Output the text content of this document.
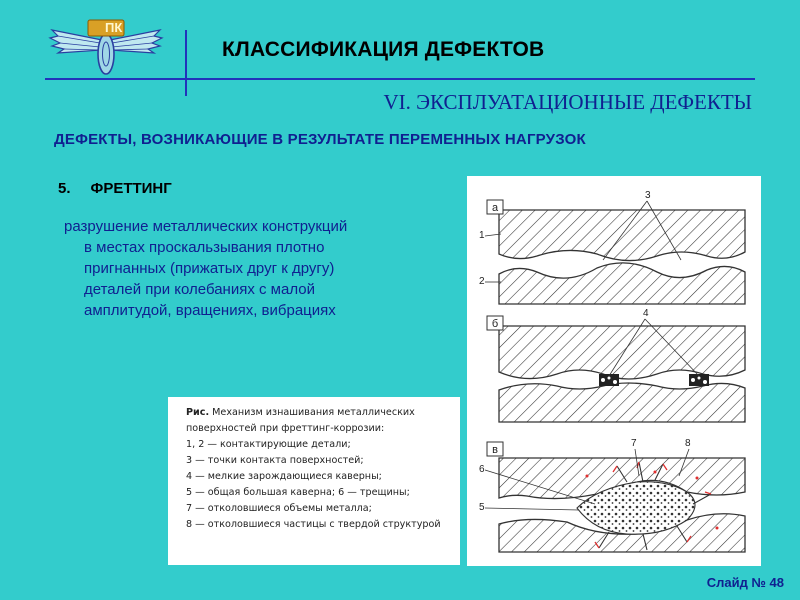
ПК
КЛАССИФИКАЦИЯ ДЕФЕКТОВ
VI. ЭКСПЛУАТАЦИОННЫЕ ДЕФЕКТЫ
ДЕФЕКТЫ, ВОЗНИКАЮЩИЕ В РЕЗУЛЬТАТЕ ПЕРЕМЕННЫХ НАГРУЗОК
5. ФРЕТТИНГ
разрушение металлических конструкций
в местах проскальзывания плотно
пригнанных (прижатых друг к другу)
деталей при колебаниях с малой
амплитудой, вращениях, вибрациях
Рис. Механизм изнашивания металлических
поверхностей при фреттинг-коррозии:
1, 2 — контактирующие детали;
3 — точки контакта поверхностей;
4 — мелкие зарождающиеся каверны;
5 — общая большая каверна; 6 — трещины;
7 — отколовшиеся объемы металла;
8 — отколовшиеся частицы с твердой структурой
а
1
2
3
б
4
в
6
5
7	8
Слайд № 48
